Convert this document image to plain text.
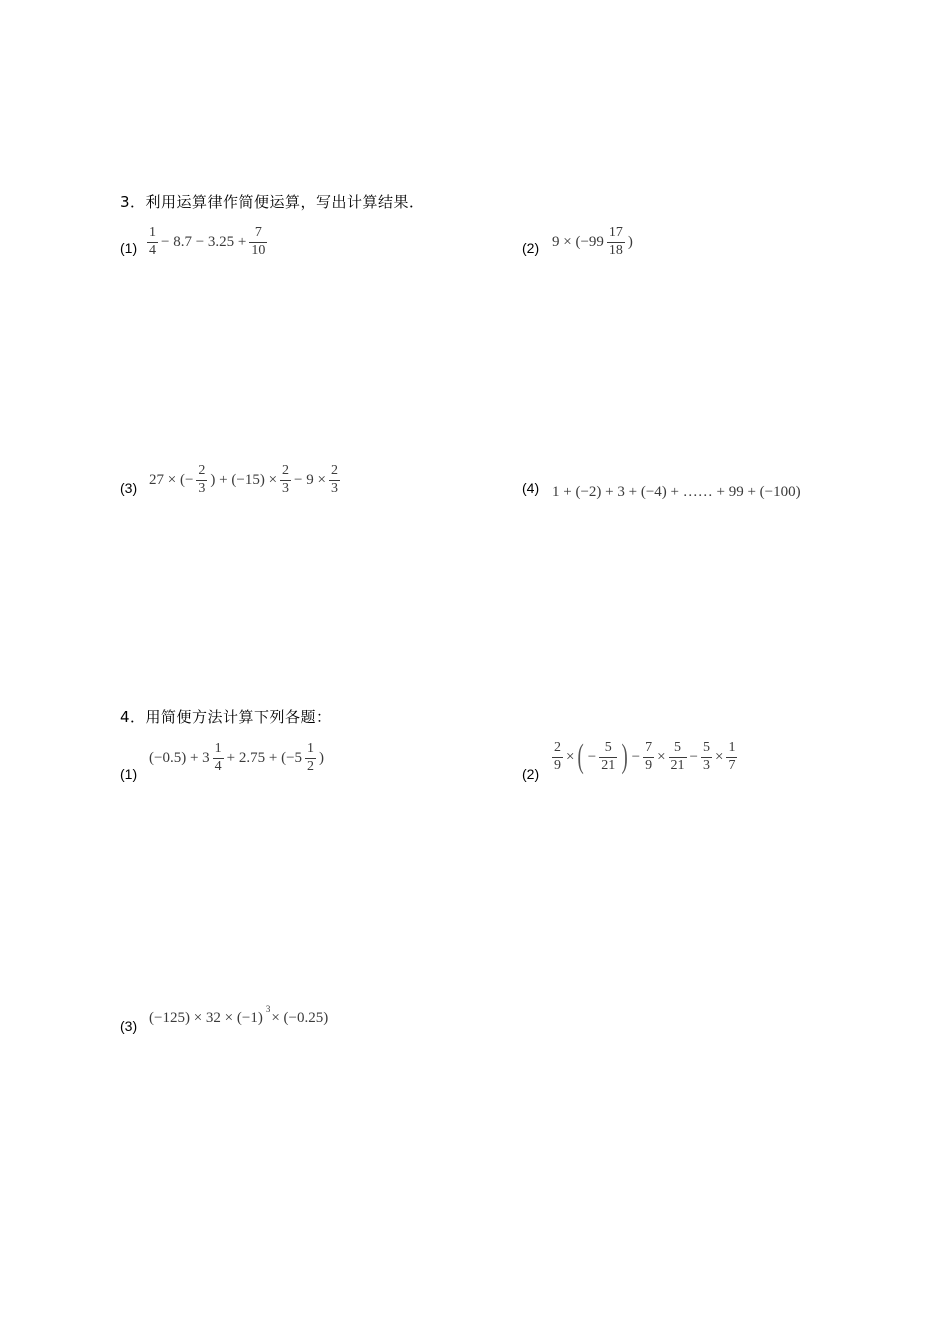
3．利用运算律作简便运算，写出计算结果．
$(1) \frac{1}{4} - 8.7 - 3.25 + \frac{7}{10}$	(2) $9 \times (-99 \frac{17}{18}$ )
(3)
27 × (− $\frac{2}{3}$ ) + $(-15) \times \frac{2}{3} - 9 \times \frac{2}{3}$	(4) 1 + (−2) + 3 + (−4) + …… + 99 + (−100)
4．用简便方法计算下列各题：
(1)
$(-0.5) + 3 \frac{1}{4} + 2.75 + (-5 \frac{1}{2}$ )
(2)
$\frac{2}{9}$ × ( − $\frac{5}{21}$ ) − $\frac{7}{9} \times \frac{5}{21} - \frac{5}{3} \times \frac{1}{7}$
(3) (−125) × 32 × (−1)
3
× (−0.25)
